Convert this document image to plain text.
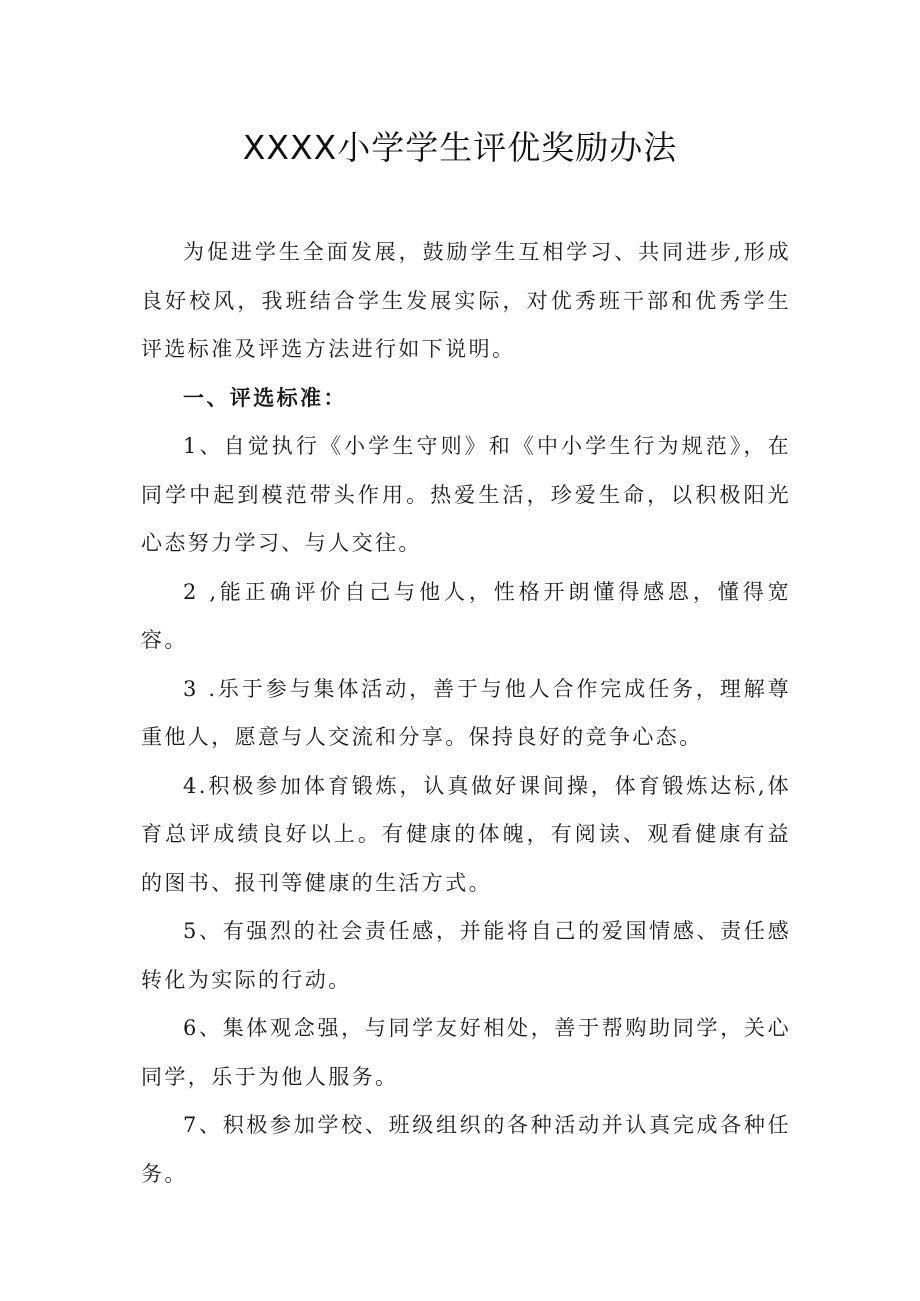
XXXX小学学生评优奖励办法

为促进学生全面发展，鼓励学生互相学习、共同进步,形成良好校风，我班结合学生发展实际，对优秀班干部和优秀学生评选标准及评选方法进行如下说明。

一、评选标准：

1、自觉执行《小学生守则》和《中小学生行为规范》，在同学中起到模范带头作用。热爱生活，珍爱生命，以积极阳光心态努力学习、与人交往。

2 ,能正确评价自己与他人，性格开朗懂得感恩，懂得宽容。

3 .乐于参与集体活动，善于与他人合作完成任务，理解尊重他人，愿意与人交流和分享。保持良好的竞争心态。

4.积极参加体育锻炼，认真做好课间操，体育锻炼达标,体育总评成绩良好以上。有健康的体魄，有阅读、观看健康有益的图书、报刊等健康的生活方式。

5、有强烈的社会责任感，并能将自己的爱国情感、责任感转化为实际的行动。

6、集体观念强，与同学友好相处，善于帮购助同学，关心同学，乐于为他人服务。

7、积极参加学校、班级组织的各种活动并认真完成各种任务。
